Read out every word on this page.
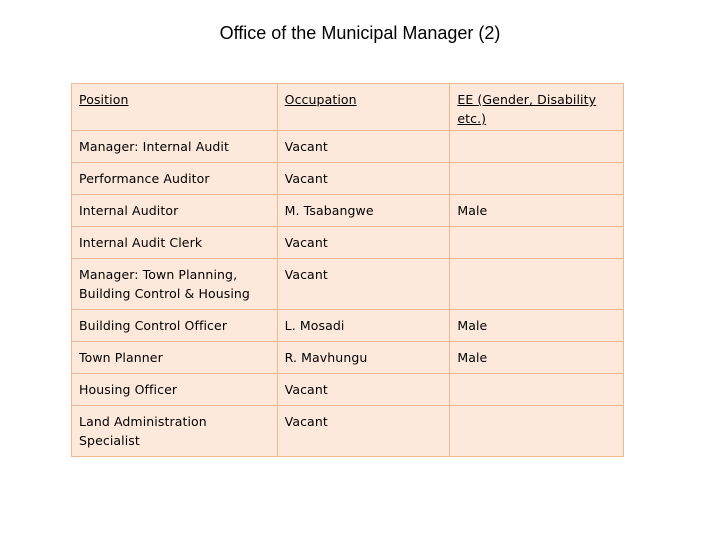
Office of the Municipal Manager (2)
Position	Occupation	EE (Gender, Disability etc.)
Manager: Internal Audit	Vacant	
Performance Auditor	Vacant	
Internal Auditor	M. Tsabangwe	Male
Internal Audit Clerk	Vacant	
Manager: Town Planning, Building Control & Housing	Vacant	
Building Control Officer	L. Mosadi	Male
Town Planner	R. Mavhungu	Male
Housing Officer	Vacant	
Land Administration Specialist	Vacant	
